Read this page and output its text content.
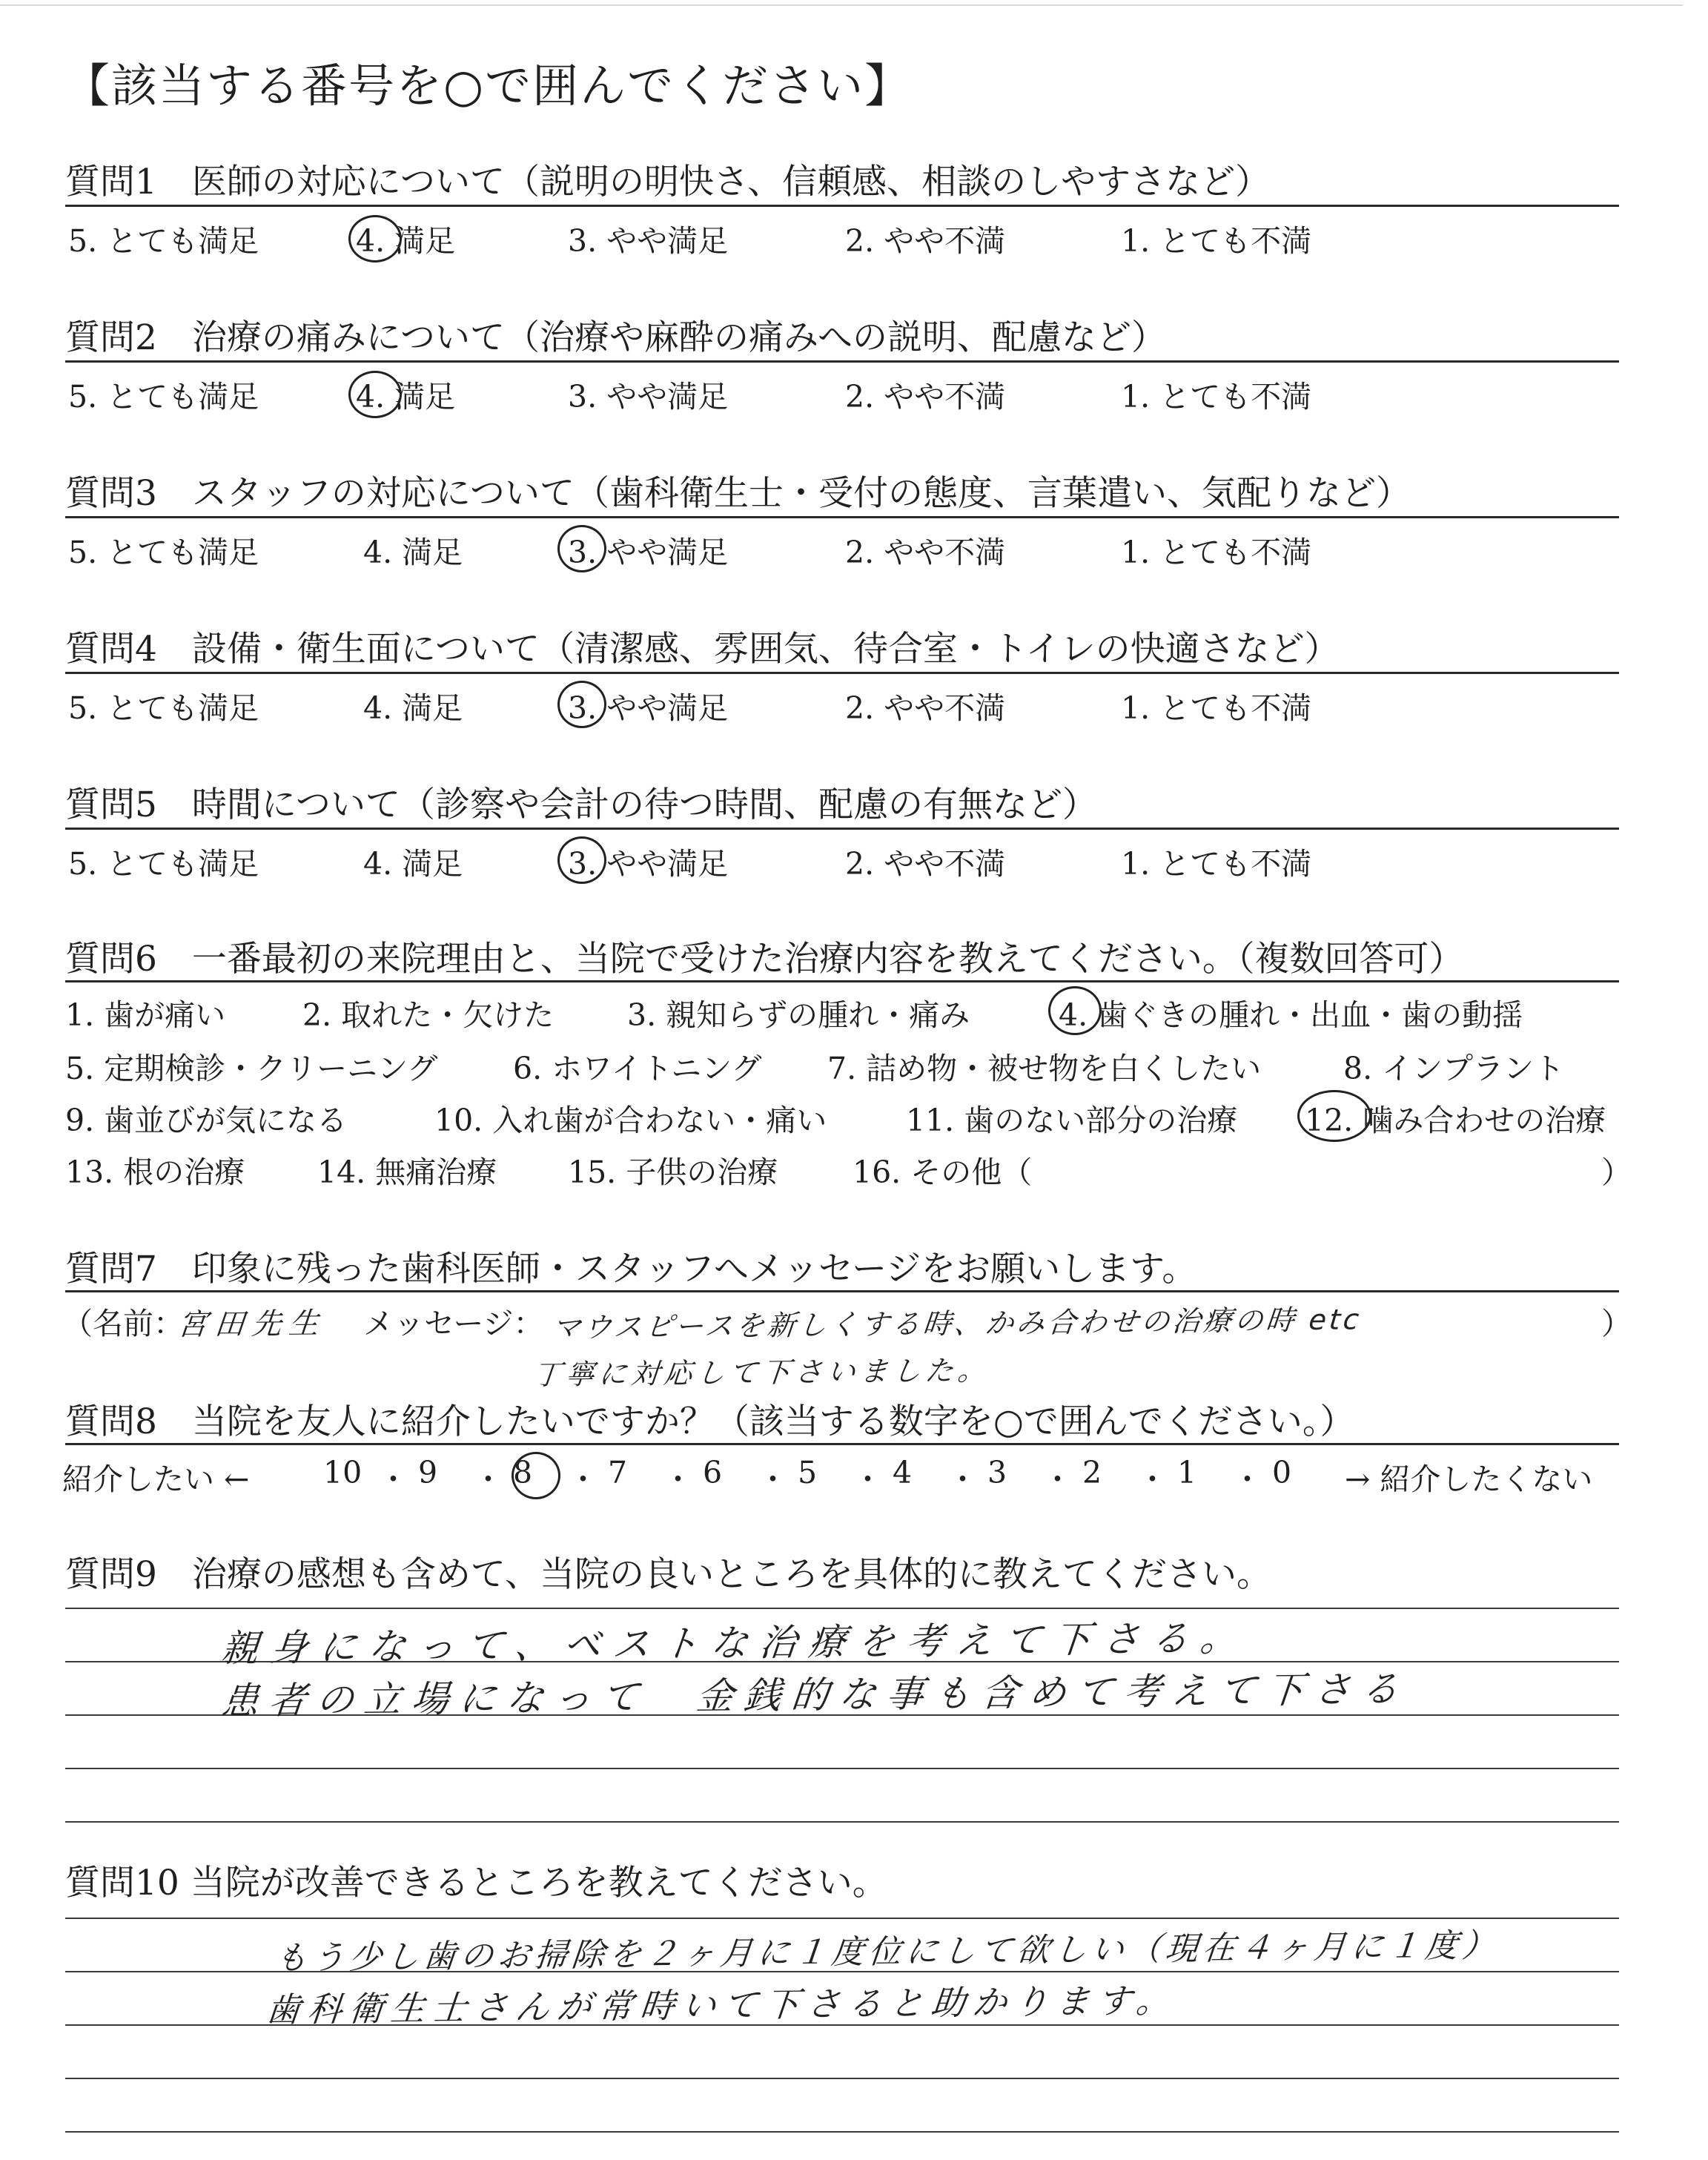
【該当する番号を○で囲んでください】
質問1　医師の対応について（説明の明快さ、信頼感、相談のしやすさなど）
5. とても満足	4. 満足	3. やや満足	2. やや不満	1. とても不満
質問2　治療の痛みについて（治療や麻酔の痛みへの説明、配慮など）
5. とても満足	4. 満足	3. やや満足	2. やや不満	1. とても不満
質問3　スタッフの対応について（歯科衛生士・受付の態度、言葉遣い、気配りなど）
5. とても満足	4. 満足	3. やや満足	2. やや不満	1. とても不満
質問4　設備・衛生面について（清潔感、雰囲気、待合室・トイレの快適さなど）
5. とても満足	4. 満足	3. やや満足	2. やや不満	1. とても不満
質問5　時間について（診察や会計の待つ時間、配慮の有無など）
5. とても満足	4. 満足	3. やや満足	2. やや不満	1. とても不満
質問6　一番最初の来院理由と、当院で受けた治療内容を教えてください。（複数回答可）
1. 歯が痛い	2. 取れた・欠けた 3. 親知らずの腫れ・痛み	4. 歯ぐきの腫れ・出血・歯の動揺
5. 定期検診・クリーニング 6. ホワイトニング 7. 詰め物・被せ物を白くしたい	8. インプラント
9. 歯並びが気になる	10. 入れ歯が合わない・痛い	11. 歯のない部分の治療 12. 噛み合わせの治療
13. 根の治療 14. 無痛治療 15. 子供の治療 16. その他（	）
質問7　印象に残った歯科医師・スタッフへメッセージをお願いします。
（名前：
宮田先生 メッセージ： マウスピースを新しくする時、かみ合わせの治療の時 etc
丁寧に対応して下さいました。
）
質問8　当院を友人に紹介したいですか？（該当する数字を○で囲んでください。）
紹介したい ← 10 ・ 9 ・ 8 ・ 7 ・ 6 ・ 5 ・ 4 ・ 3 ・ 2 ・ 1 ・ 0 → 紹介したくない
質問9　治療の感想も含めて、当院の良いところを具体的に教えてください。
親身になって、ベストな治療を考えて下さる。
患者の立場になって　金銭的な事も含めて考えて下さる
質問10 当院が改善できるところを教えてください。
もう少し歯のお掃除を２ヶ月に１度位にして欲しい（現在４ヶ月に１度）
歯科衛生士さんが常時いて下さると助かります。
